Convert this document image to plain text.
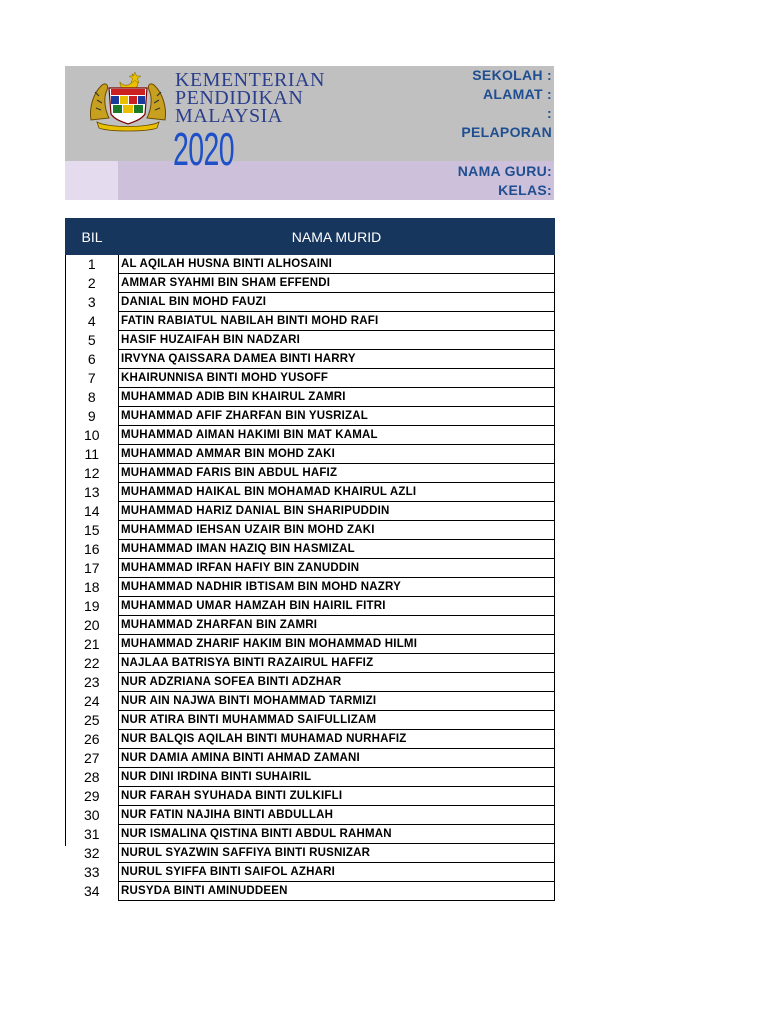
KEMENTERIAN
PENDIDIKAN
MALAYSIA
2020
SEKOLAH :
ALAMAT :
:
PELAPORAN
NAMA GURU:
KELAS:
BIL	NAMA MURID
1	AL AQILAH HUSNA BINTI ALHOSAINI
2	AMMAR SYAHMI BIN SHAM EFFENDI
3	DANIAL BIN MOHD FAUZI
4	FATIN RABIATUL NABILAH BINTI MOHD RAFI
5	HASIF HUZAIFAH BIN NADZARI
6	IRVYNA QAISSARA DAMEA BINTI HARRY
7	KHAIRUNNISA BINTI MOHD YUSOFF
8	MUHAMMAD ADIB BIN KHAIRUL ZAMRI
9	MUHAMMAD AFIF ZHARFAN BIN YUSRIZAL
10	MUHAMMAD AIMAN HAKIMI BIN MAT KAMAL
11	MUHAMMAD AMMAR BIN MOHD ZAKI
12	MUHAMMAD FARIS BIN ABDUL HAFIZ
13	MUHAMMAD HAIKAL BIN MOHAMAD KHAIRUL AZLI
14	MUHAMMAD HARIZ DANIAL BIN SHARIPUDDIN
15	MUHAMMAD IEHSAN UZAIR BIN MOHD ZAKI
16	MUHAMMAD IMAN HAZIQ BIN HASMIZAL
17	MUHAMMAD IRFAN HAFIY BIN ZANUDDIN
18	MUHAMMAD NADHIR IBTISAM BIN MOHD NAZRY
19	MUHAMMAD UMAR HAMZAH BIN HAIRIL FITRI
20	MUHAMMAD ZHARFAN BIN ZAMRI
21	MUHAMMAD ZHARIF HAKIM BIN MOHAMMAD HILMI
22	NAJLAA BATRISYA BINTI RAZAIRUL HAFFIZ
23	NUR ADZRIANA SOFEA BINTI ADZHAR
24	NUR AIN NAJWA BINTI MOHAMMAD TARMIZI
25	NUR ATIRA BINTI MUHAMMAD SAIFULLIZAM
26	NUR BALQIS AQILAH BINTI MUHAMAD NURHAFIZ
27	NUR DAMIA AMINA BINTI AHMAD ZAMANI
28	NUR DINI IRDINA BINTI SUHAIRIL
29	NUR FARAH SYUHADA BINTI ZULKIFLI
30	NUR FATIN NAJIHA BINTI ABDULLAH
31	NUR ISMALINA QISTINA BINTI ABDUL RAHMAN
32	NURUL SYAZWIN SAFFIYA BINTI RUSNIZAR
33	NURUL SYIFFA BINTI SAIFOL AZHARI
34	RUSYDA BINTI AMINUDDEEN
